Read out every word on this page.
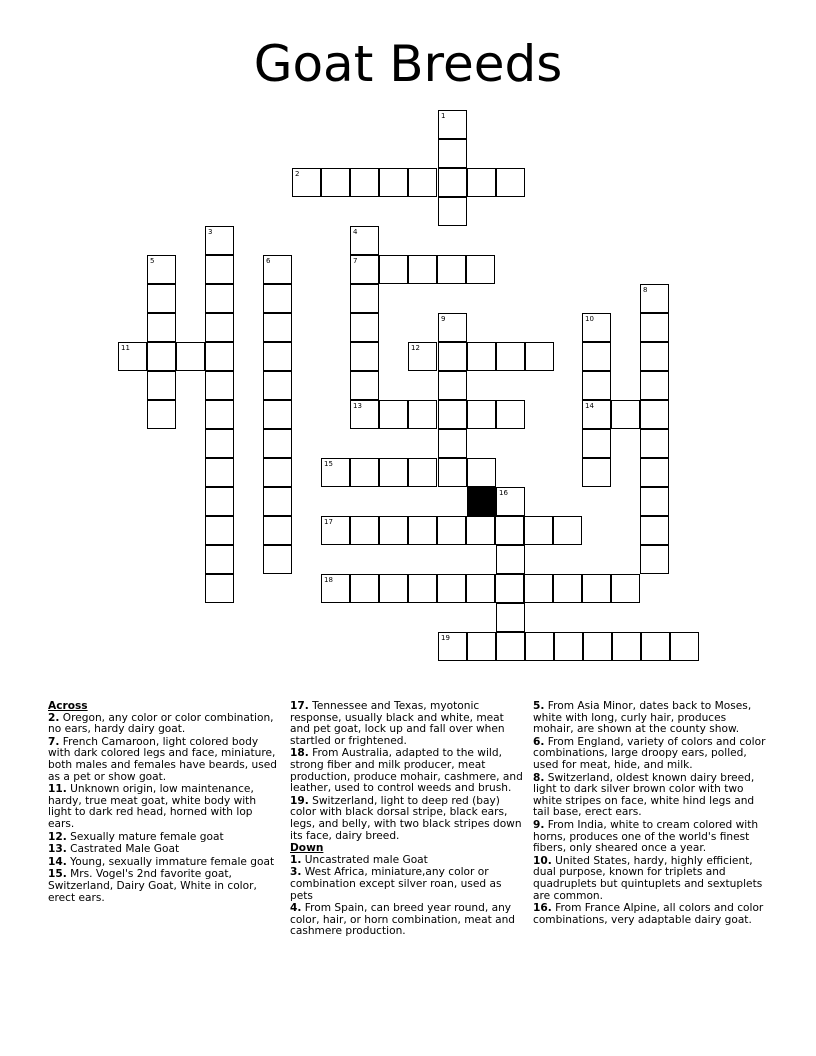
Goat Breeds
1
2
3	4
7
13
5	6
11
8
9	10
14
12
15
16
17
18
19

Across

2. Oregon, any color or color combination, no ears, hardy dairy goat.

7. French Camaroon, light colored body with dark colored legs and face, miniature, both males and females have beards, used as a pet or show goat.

11. Unknown origin, low maintenance, hardy, true meat goat, white body with light to dark red head, horned with lop ears.

12. Sexually mature female goat

13. Castrated Male Goat

14. Young, sexually immature female goat

15. Mrs. Vogel's 2nd favorite goat, Switzerland, Dairy Goat, White in color, erect ears.

17. Tennessee and Texas, myotonic response, usually black and white, meat and pet goat, lock up and fall over when startled or frightened.

18. From Australia, adapted to the wild, strong fiber and milk producer, meat production, produce mohair, cashmere, and leather, used to control weeds and brush.

19. Switzerland, light to deep red (bay) color with black dorsal stripe, black ears, legs, and belly, with two black stripes down its face, dairy breed.

Down

1. Uncastrated male Goat

3. West Africa, miniature,any color or combination except silver roan, used as pets

4. From Spain, can breed year round, any color, hair, or horn combination, meat and cashmere production.

5. From Asia Minor, dates back to Moses, white with long, curly hair, produces mohair, are shown at the county show.

6. From England, variety of colors and color combinations, large droopy ears, polled, used for meat, hide, and milk.

8. Switzerland, oldest known dairy breed, light to dark silver brown color with two white stripes on face, white hind legs and tail base, erect ears.

9. From India, white to cream colored with horns, produces one of the world's finest fibers, only sheared once a year.

10. United States, hardy, highly efficient, dual purpose, known for triplets and quadruplets but quintuplets and sextuplets are common.

16. From France Alpine, all colors and color combinations, very adaptable dairy goat.
